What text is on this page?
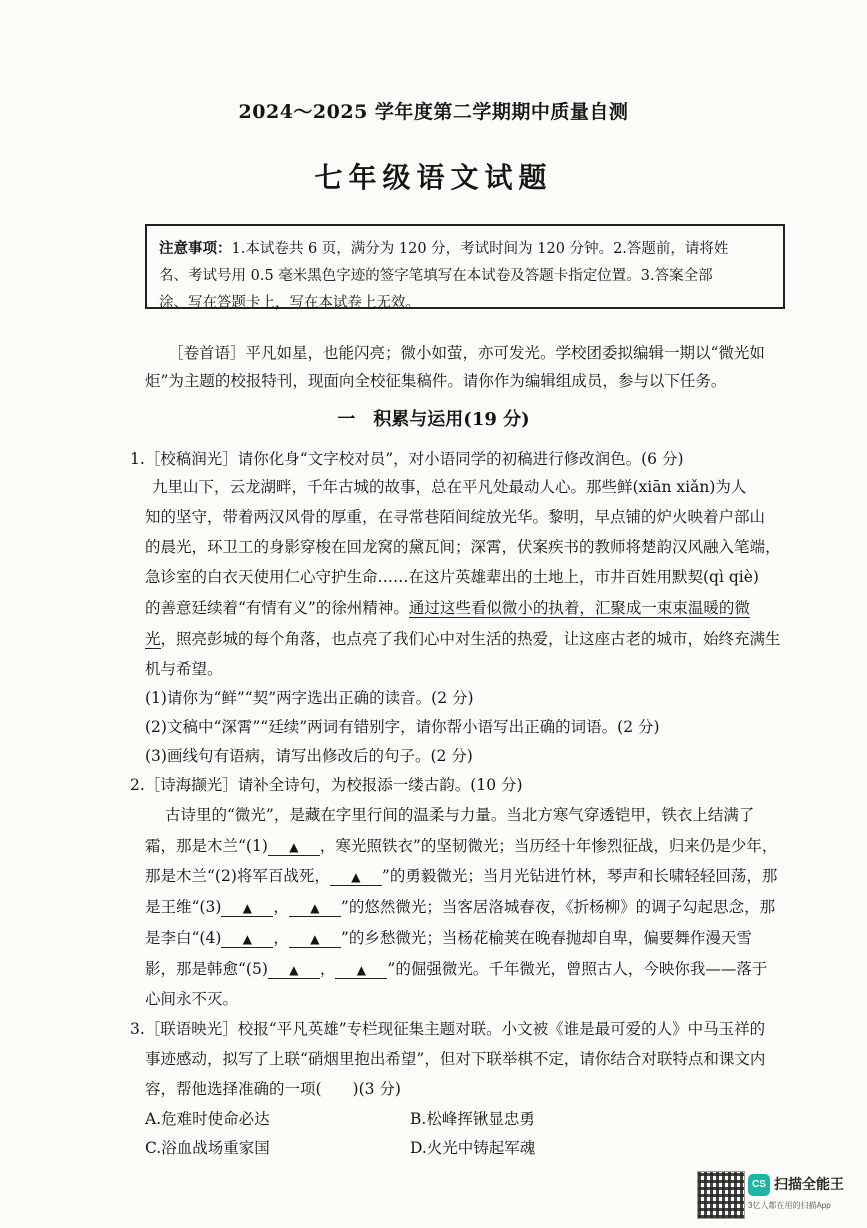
2024～2025 学年度第二学期期中质量自测
七年级语文试题
注意事项：1.本试卷共 6 页，满分为 120 分，考试时间为 120 分钟。2.答题前，请将姓
名、考试号用 0.5 毫米黑色字迹的签字笔填写在本试卷及答题卡指定位置。3.答案全部
涂、写在答题卡上，写在本试卷上无效。
［卷首语］平凡如星，也能闪亮；微小如萤，亦可发光。学校团委拟编辑一期以“微光如
炬”为主题的校报特刊，现面向全校征集稿件。请你作为编辑组成员，参与以下任务。
一　积累与运用(19 分)
1.［校稿润光］请你化身“文字校对员”，对小语同学的初稿进行修改润色。(6 分)
九里山下，云龙湖畔，千年古城的故事，总在平凡处最动人心。那些鲜(xiān xiǎn)为人
知的坚守，带着两汉风骨的厚重，在寻常巷陌间绽放光华。黎明，早点铺的炉火映着户部山
的晨光，环卫工的身影穿梭在回龙窝的黛瓦间；深霄，伏案疾书的教师将楚韵汉风融入笔端，
急诊室的白衣天使用仁心守护生命……在这片英雄辈出的土地上，市井百姓用默契(qì qiè)
的善意廷续着“有情有义”的徐州精神。通过这些看似微小的执着，汇聚成一束束温暖的微
光，照亮彭城的每个角落，也点亮了我们心中对生活的热爱，让这座古老的城市，始终充满生
机与希望。
(1)请你为“鲜”“契”两字选出正确的读音。(2 分)
(2)文稿中“深霄”“廷续”两词有错别字，请你帮小语写出正确的词语。(2 分)
(3)画线句有语病，请写出修改后的句子。(2 分)
2.［诗海撷光］请补全诗句，为校报添一缕古韵。(10 分)
古诗里的“微光”，是藏在字里行间的温柔与力量。当北方寒气穿透铠甲，铁衣上结满了
霜，那是木兰“(1) ▲ ，寒光照铁衣”的坚韧微光；当历经十年惨烈征战，归来仍是少年，
那是木兰“(2)将军百战死， ▲ ”的勇毅微光；当月光钻进竹林，琴声和长啸轻轻回荡，那
是王维“(3) ▲ ， ▲ ”的悠然微光；当客居洛城春夜，《折杨柳》的调子勾起思念，那
是李白“(4) ▲ ， ▲ ”的乡愁微光；当杨花榆荚在晚春抛却自卑，偏要舞作漫天雪
影，那是韩愈“(5) ▲ ， ▲ ”的倔强微光。千年微光，曾照古人，今映你我——落于
心间永不灭。
3.［联语映光］校报“平凡英雄”专栏现征集主题对联。小文被《谁是最可爱的人》中马玉祥的
事迹感动，拟写了上联“硝烟里抱出希望”，但对下联举棋不定，请你结合对联特点和课文内
容，帮他选择准确的一项(　　)(3 分)
A.危难时使命必达	B.松峰挥锹显忠勇
C.浴血战场重家国	D.火光中铸起军魂
CS 扫描全能王
3亿人都在用的扫描App
